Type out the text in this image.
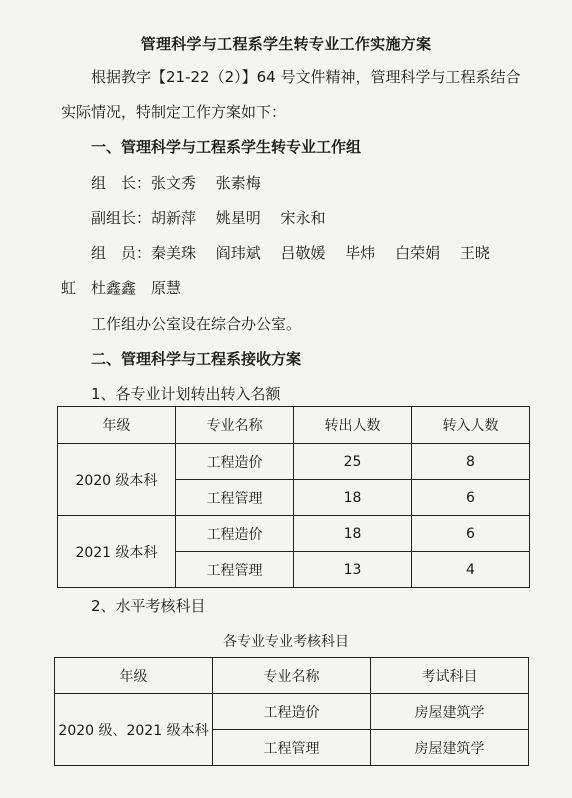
管理科学与工程系学生转专业工作实施方案
根据教字【21-22（2）】64 号文件精神，管理科学与工程系结合
实际情况，特制定工作方案如下：
一、管理科学与工程系学生转专业工作组
组　长：张文秀　 张素梅
副组长：胡新萍　 姚星明　 宋永和
组　员：秦美珠　 阎玮斌　 吕敬媛　 毕炜　 白荣娟　 王晓
虹　杜鑫鑫　原慧
工作组办公室设在综合办公室。
二、管理科学与工程系接收方案
1、各专业计划转出转入名额
年级	专业名称	转出人数	转入人数
2020 级本科	工程造价	25	8
	工程管理	18	6
2021 级本科	工程造价	18	6
	工程管理	13	4
2、水平考核科目
各专业专业考核科目
年级	专业名称	考试科目
2020 级、2021 级本科	工程造价	房屋建筑学
	工程管理	房屋建筑学
